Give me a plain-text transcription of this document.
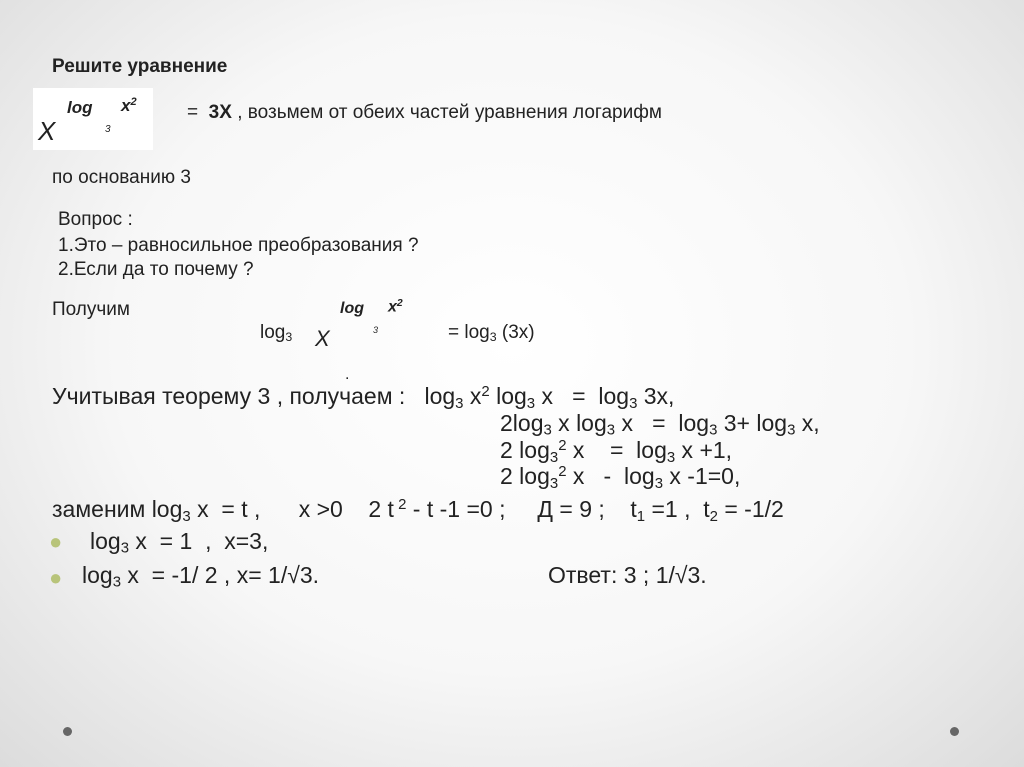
Решите уравнение
X
log
3
$x^2$	= 3X , возьмем от обеих частей уравнения логарифм
по основанию 3
Вопрос :
1.Это – равносильное преобразования ?
2.Если да то почему ?
Получим
$\log_3 X$
log
3
$x^2$
= $\log_3 (3x)$
.
Учитывая теорему 3 , получаем :   $\log_3 x^2$ $\log_3 x = \log_3 3x$,
$2\log_3$ x $\log_3 x = \log_3 3+ \log_3 x$,
2 $\log_3^2 x$    =  $\log_3 x +1$,
2 $\log_3^2 x - \log_3 x$ -1=0,
заменим $\log_3 x = t$ ,      x >0    2 t $^2$ - t -1 =0 ;     Д = 9 ;    $t_1 =1$ ,  $t_2 = -1/2$
● $\log_3 x = 1$  ,  x=3,
● $\log_3 x = -1/$ 2 , x= 1/√3.	Ответ: 3 ; 1/√3.
